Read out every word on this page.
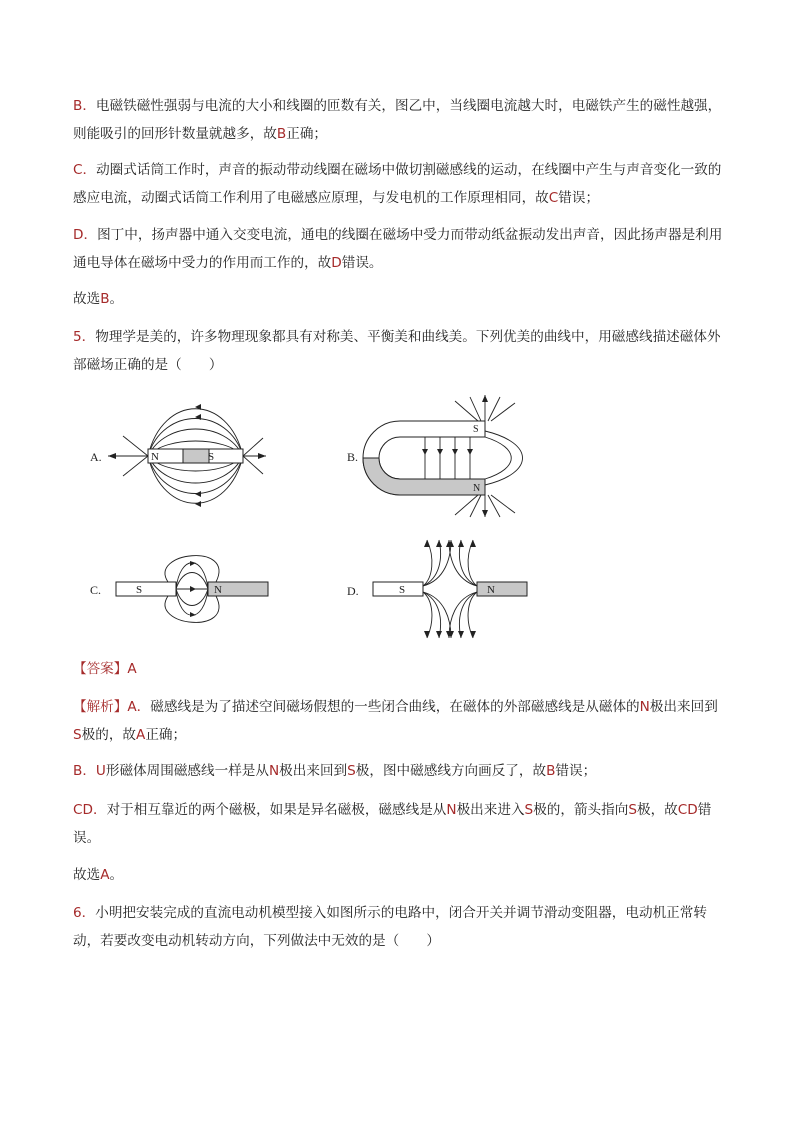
B．电磁铁磁性强弱与电流的大小和线圈的匝数有关，图乙中，当线圈电流越大时，电磁铁产生的磁性越强，则能吸引的回形针数量就越多，故B正确；

C．动圈式话筒工作时，声音的振动带动线圈在磁场中做切割磁感线的运动，在线圈中产生与声音变化一致的感应电流，动圈式话筒工作利用了电磁感应原理，与发电机的工作原理相同，故C错误；

D．图丁中，扬声器中通入交变电流，通电的线圈在磁场中受力而带动纸盆振动发出声音，因此扬声器是利用通电导体在磁场中受力的作用而工作的，故D错误。

故选B。

5．物理学是美的，许多物理现象都具有对称美、平衡美和曲线美。下列优美的曲线中，用磁感线描述磁体外部磁场正确的是（　　）

A.	N	S	B.
S
N
C.	S	N	D.	S	N

【答案】A

【解析】A．磁感线是为了描述空间磁场假想的一些闭合曲线，在磁体的外部磁感线是从磁体的N极出来回到S极的，故A正确；

B．U形磁体周围磁感线一样是从N极出来回到S极，图中磁感线方向画反了，故B错误；

CD．对于相互靠近的两个磁极，如果是异名磁极，磁感线是从N极出来进入S极的，箭头指向S极，故CD错误。

故选A。

6．小明把安装完成的直流电动机模型接入如图所示的电路中，闭合开关并调节滑动变阻器，电动机正常转动，若要改变电动机转动方向，下列做法中无效的是（　　）
